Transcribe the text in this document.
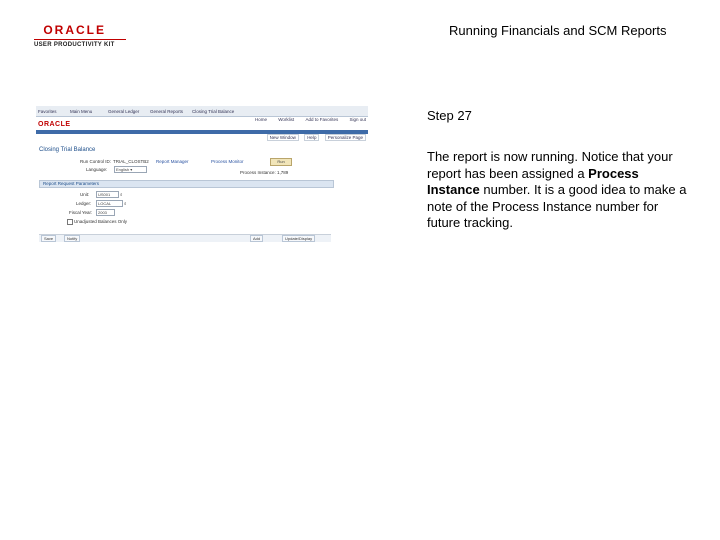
ORACLE
USER PRODUCTIVITY KIT
Running Financials and SCM Reports
Favorites	Main Menu	General Ledger General Reports Closing Trial Balance
ORACLE
Home	Worklist	Add to Favorites	Sign out
New Window	Help	Personalize Page
Closing Trial Balance
Run Control ID: TRIAL_CLOSTB2 Report Manager	Process Monitor	Run
Language:	English ▾
Process Instance: 1,789
Report Request Parameters
Unit:	US001	⌕
Ledger:	LOCAL	⌕
Fiscal Year:	2003
Unadjusted Balances Only
Save	Notify	Add	Update/Display
Step 27

The report is now running. Notice that your report has been assigned a Process Instance number. It is a good idea to make a note of the Process Instance number for future tracking.
